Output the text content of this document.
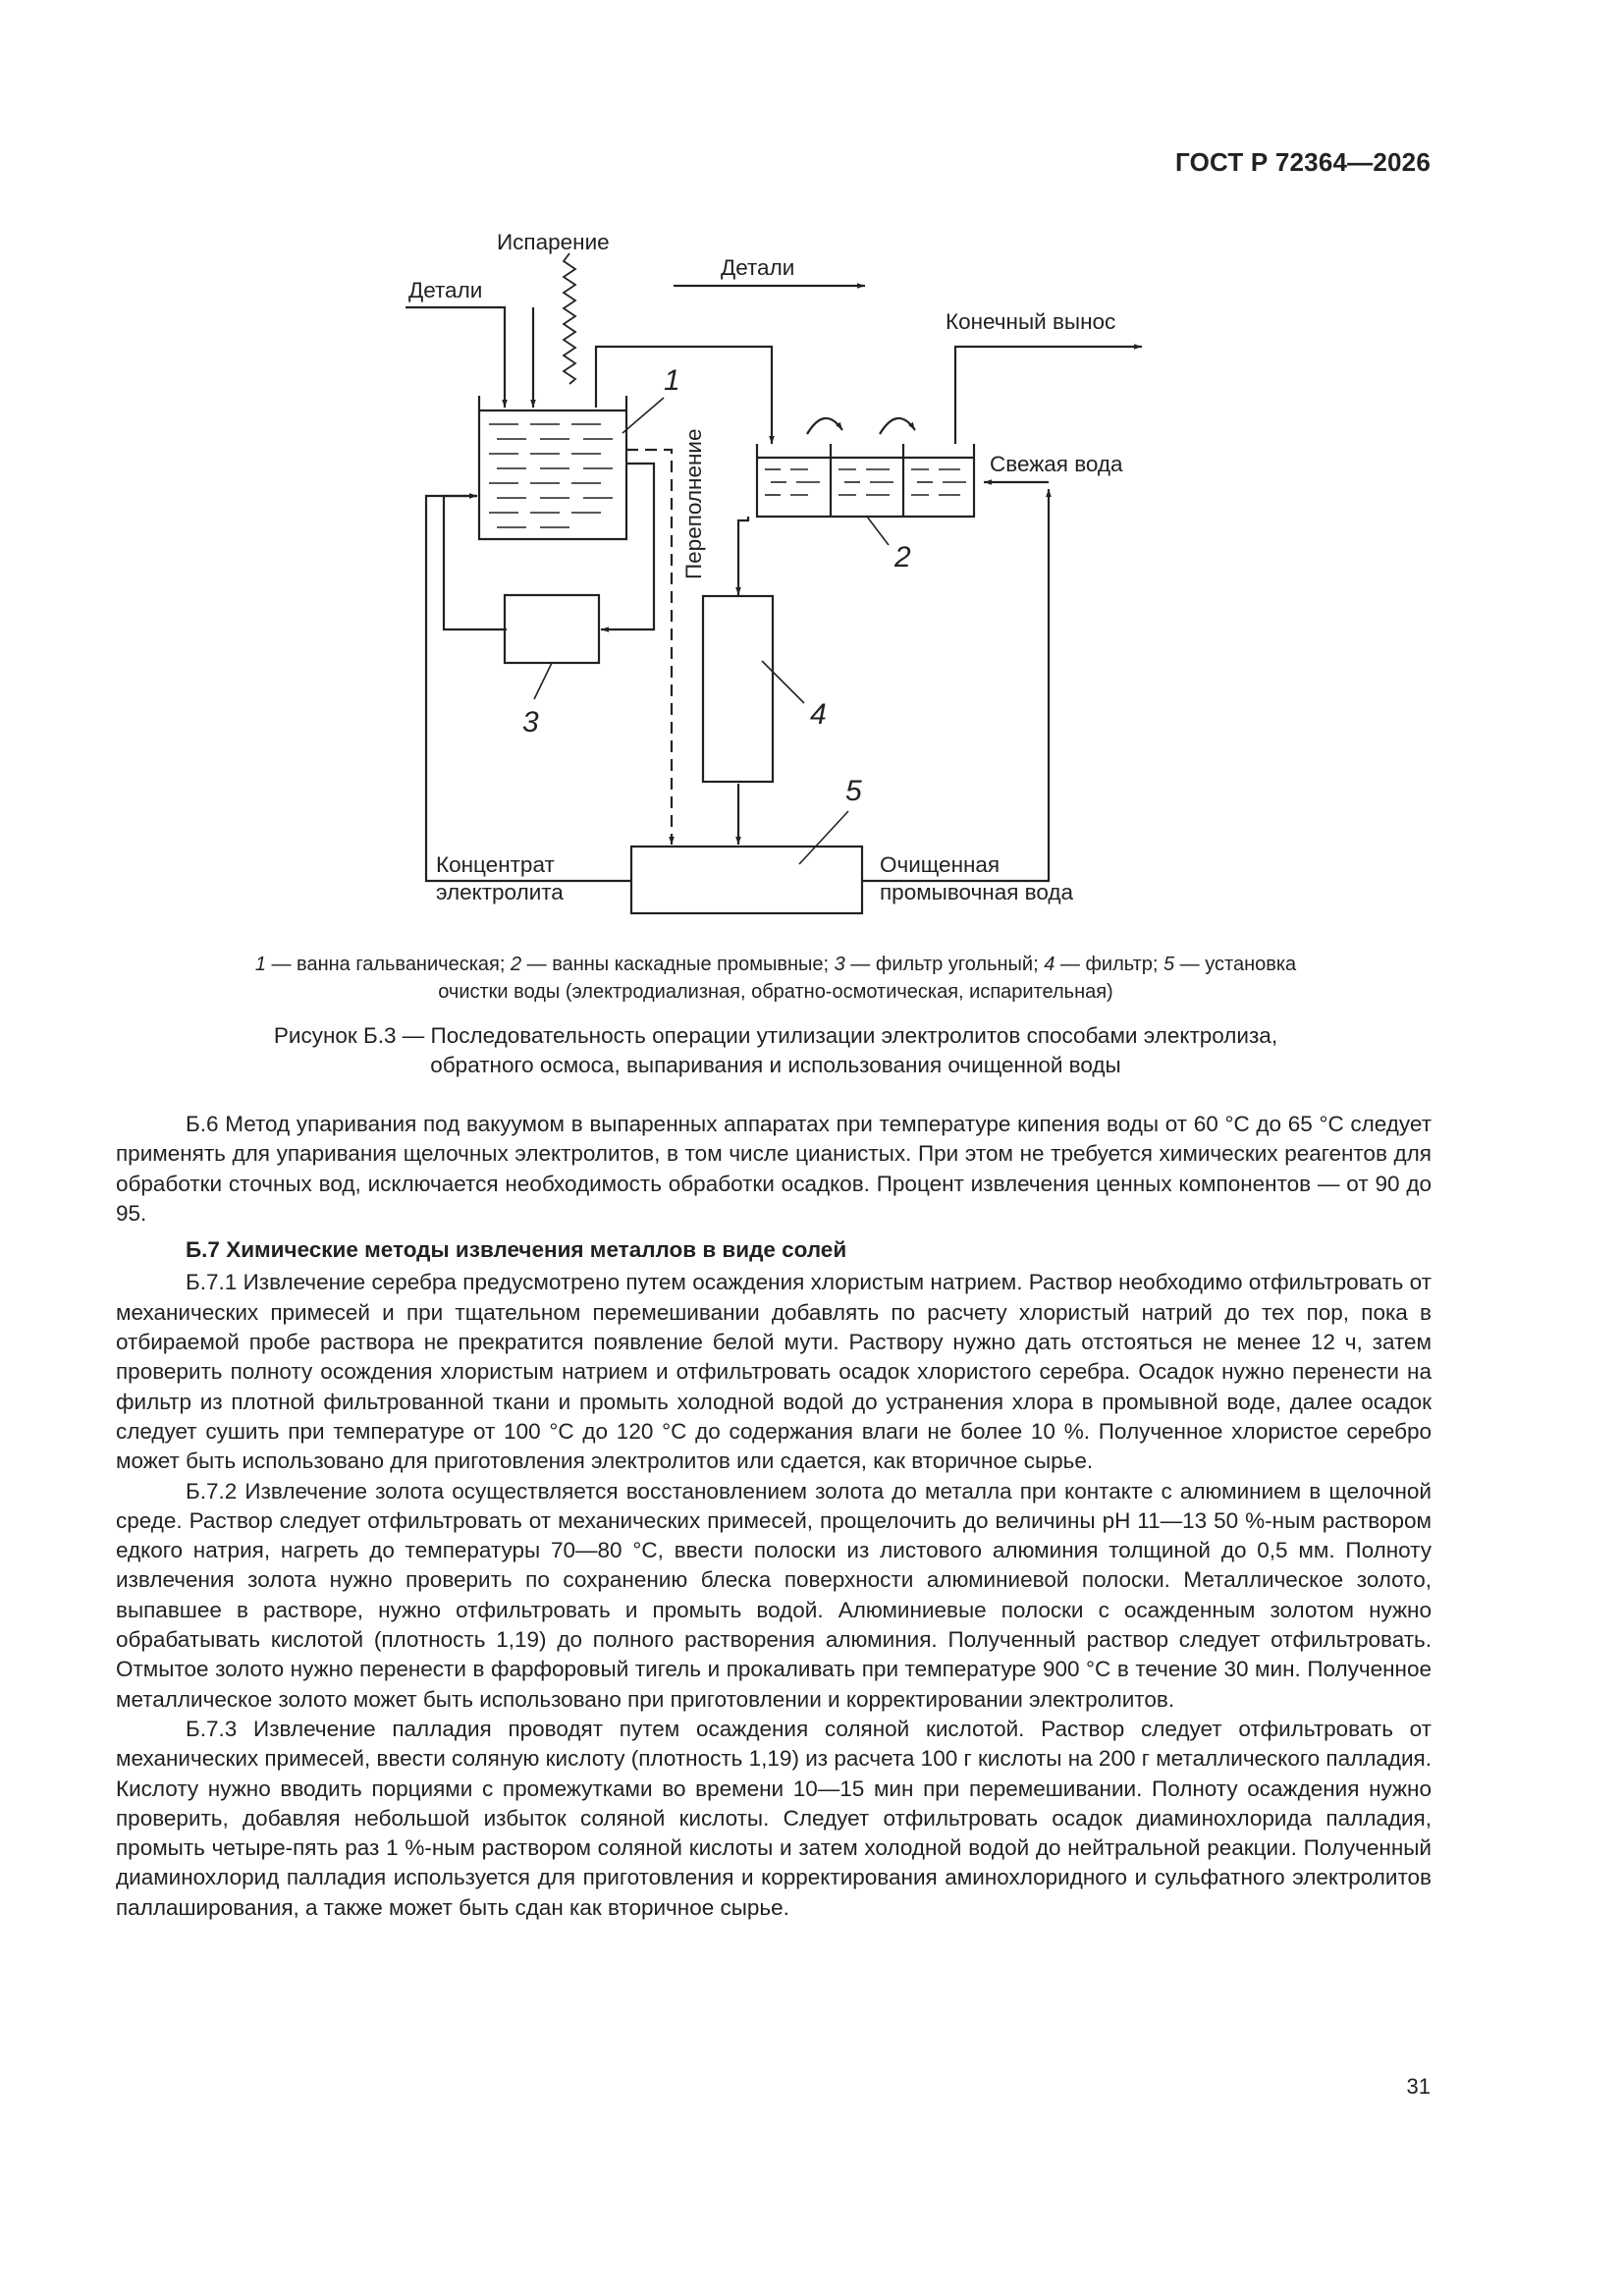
ГОСТ Р 72364—2026
Испарение
Детали
Детали
Конечный вынос
Свежая вода
Переполнение
Концентрат
электролита
Очищенная
промывочная вода
1
2
3	4
5
1 — ванна гальваническая; 2 — ванны каскадные промывные; 3 — фильтр угольный; 4 — фильтр; 5 — установка
очистки воды (электродиализная, обратно-осмотическая, испарительная)
Рисунок Б.3 — Последовательность операции утилизации электролитов способами электролиза,
обратного осмоса, выпаривания и использования очищенной воды

Б.6 Метод упаривания под вакуумом в выпаренных аппаратах при температуре кипения воды от 60 °С до 65 °С следует применять для упаривания щелочных электролитов, в том числе цианистых. При этом не требуется химических реагентов для обработки сточных вод, исключается необходимость обработки осадков. Процент извлечения ценных компонентов — от 90 до 95.

Б.7 Химические методы извлечения металлов в виде солей

Б.7.1 Извлечение серебра предусмотрено путем осаждения хлористым натрием. Раствор необходимо отфильтровать от механических примесей и при тщательном перемешивании добавлять по расчету хлористый натрий до тех пор, пока в отбираемой пробе раствора не прекратится появление белой мути. Раствору нужно дать отстояться не менее 12 ч, затем проверить полноту осождения хлористым натрием и отфильтровать осадок хлористого серебра. Осадок нужно перенести на фильтр из плотной фильтрованной ткани и промыть холодной водой до устранения хлора в промывной воде, далее осадок следует сушить при температуре от 100 °С до 120 °С до содержания влаги не более 10 %. Полученное хлористое серебро может быть использовано для приготовления электролитов или сдается, как вторичное сырье.

Б.7.2 Извлечение золота осуществляется восстановлением золота до металла при контакте с алюминием в щелочной среде. Раствор следует отфильтровать от механических примесей, прощелочить до величины pH 11—13 50 %-ным раствором едкого натрия, нагреть до температуры 70—80 °С, ввести полоски из листового алюминия толщиной до 0,5 мм. Полноту извлечения золота нужно проверить по сохранению блеска поверхности алюминиевой полоски. Металлическое золото, выпавшее в растворе, нужно отфильтровать и промыть водой. Алюминиевые полоски с осажденным золотом нужно обрабатывать кислотой (плотность 1,19) до полного растворения алюминия. Полученный раствор следует отфильтровать. Отмытое золото нужно перенести в фарфоровый тигель и прокаливать при температуре 900 °С в течение 30 мин. Полученное металлическое золото может быть использовано при приготовлении и корректировании электролитов.

Б.7.3 Извлечение палладия проводят путем осаждения соляной кислотой. Раствор следует отфильтровать от механических примесей, ввести соляную кислоту (плотность 1,19) из расчета 100 г кислоты на 200 г металлического палладия. Кислоту нужно вводить порциями с промежутками во времени 10—15 мин при перемешивании. Полноту осаждения нужно проверить, добавляя небольшой избыток соляной кислоты. Следует отфильтровать осадок диаминохлорида палладия, промыть четыре-пять раз 1 %-ным раствором соляной кислоты и затем холодной водой до нейтральной реакции. Полученный диаминохлорид палладия используется для приготовления и корректирования аминохлоридного и сульфатного электролитов паллаширования, а также может быть сдан как вторичное сырье.

31
